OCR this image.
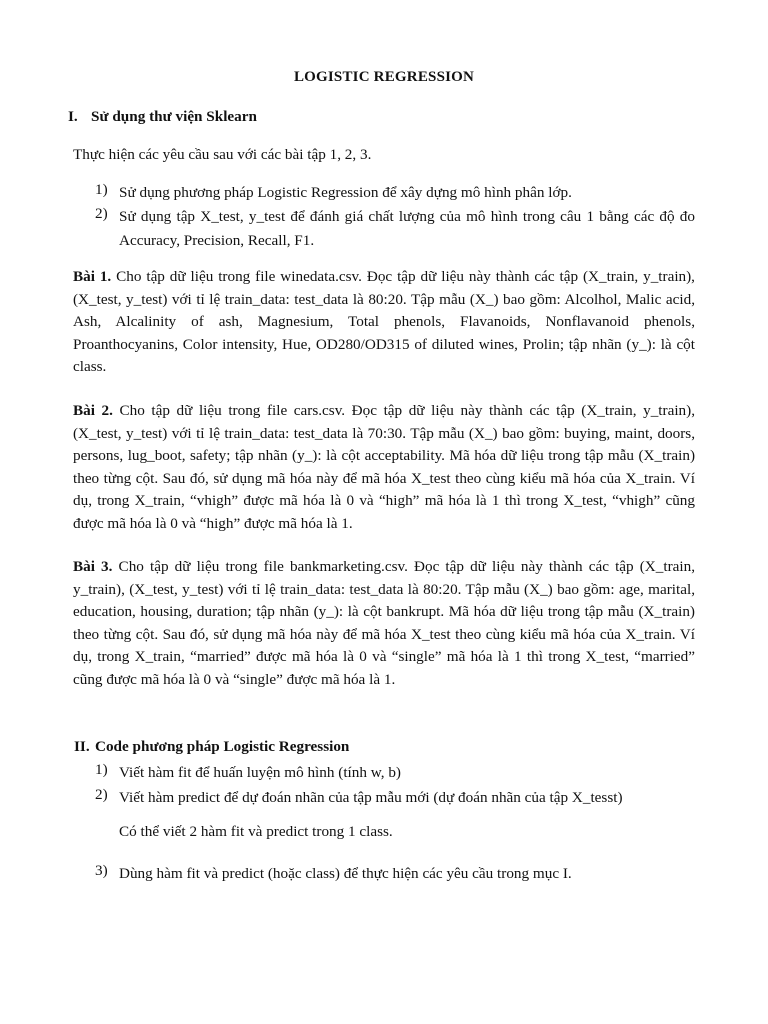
LOGISTIC REGRESSION
I. Sử dụng thư viện Sklearn
Thực hiện các yêu cầu sau với các bài tập 1, 2, 3.
1) Sử dụng phương pháp Logistic Regression để xây dựng mô hình phân lớp.
2) Sử dụng tập X_test, y_test để đánh giá chất lượng của mô hình trong câu 1 bằng các độ đo Accuracy, Precision, Recall, F1.
Bài 1. Cho tập dữ liệu trong file winedata.csv. Đọc tập dữ liệu này thành các tập (X_train, y_train), (X_test, y_test) với tỉ lệ train_data: test_data là 80:20. Tập mẫu (X_) bao gồm: Alcolhol, Malic acid, Ash, Alcalinity of ash, Magnesium, Total phenols, Flavanoids, Nonflavanoid phenols, Proanthocyanins, Color intensity, Hue, OD280/OD315 of diluted wines, Prolin; tập nhãn (y_): là cột class.
Bài 2. Cho tập dữ liệu trong file cars.csv. Đọc tập dữ liệu này thành các tập (X_train, y_train), (X_test, y_test) với tỉ lệ train_data: test_data là 70:30. Tập mẫu (X_) bao gồm: buying, maint, doors, persons, lug_boot, safety; tập nhãn (y_): là cột acceptability. Mã hóa dữ liệu trong tập mẫu (X_train) theo từng cột. Sau đó, sử dụng mã hóa này để mã hóa X_test theo cùng kiểu mã hóa của X_train. Ví dụ, trong X_train, “vhigh” được mã hóa là 0 và “high” mã hóa là 1 thì trong X_test, “vhigh” cũng được mã hóa là 0 và “high” được mã hóa là 1.
Bài 3. Cho tập dữ liệu trong file bankmarketing.csv. Đọc tập dữ liệu này thành các tập (X_train, y_train), (X_test, y_test) với tỉ lệ train_data: test_data là 80:20. Tập mẫu (X_) bao gồm: age, marital, education, housing, duration; tập nhãn (y_): là cột bankrupt. Mã hóa dữ liệu trong tập mẫu (X_train) theo từng cột. Sau đó, sử dụng mã hóa này để mã hóa X_test theo cùng kiểu mã hóa của X_train. Ví dụ, trong X_train, “married” được mã hóa là 0 và “single” mã hóa là 1 thì trong X_test, “married” cũng được mã hóa là 0 và “single” được mã hóa là 1.
II. Code phương pháp Logistic Regression
1) Viết hàm fit để huấn luyện mô hình (tính w, b)
2) Viết hàm predict để dự đoán nhãn của tập mẫu mới (dự đoán nhãn của tập X_tesst)
Có thể viết 2 hàm fit và predict trong 1 class.
3) Dùng hàm fit và predict (hoặc class) để thực hiện các yêu cầu trong mục I.
